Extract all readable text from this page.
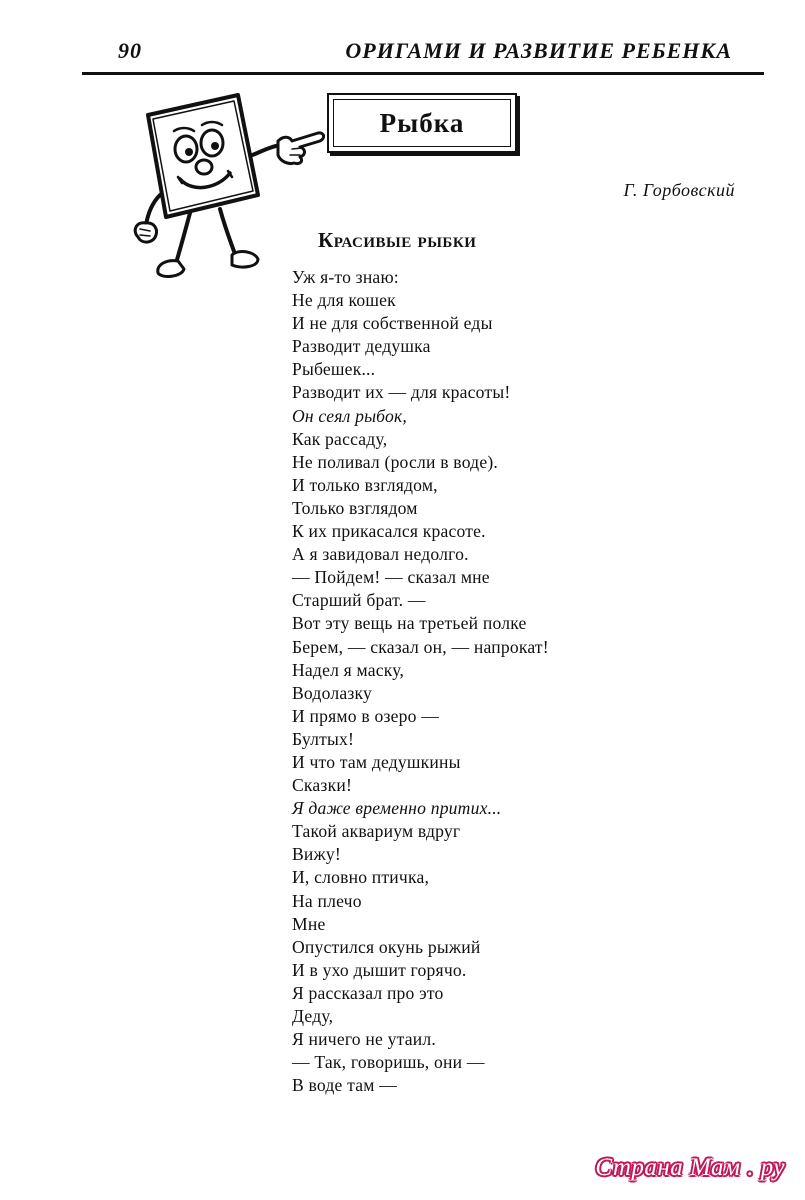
90	ОРИГАМИ И РАЗВИТИЕ РЕБЕНКА
Рыбка
Г. Горбовский
Красивые рыбки
Уж я-то знаю:
Не для кошек
И не для собственной еды
Разводит дедушка
Рыбешек...
Разводит их — для красоты!
Он сеял рыбок,
Как рассаду,
Не поливал (росли в воде).
И только взглядом,
Только взглядом
К их прикасался красоте.
А я завидовал недолго.
— Пойдем! — сказал мне
Старший брат. —
Вот эту вещь на третьей полке
Берем, — сказал он, — напрокат!
Надел я маску,
Водолазку
И прямо в озеро —
Бултых!
И что там дедушкины
Сказки!
Я даже временно притих...
Такой аквариум вдруг
Вижу!
И, словно птичка,
На плечо
Мне
Опустился окунь рыжий
И в ухо дышит горячо.
Я рассказал про это
Деду,
Я ничего не утаил.
— Так, говоришь, они —
В воде там —
Страна Мам . ру
